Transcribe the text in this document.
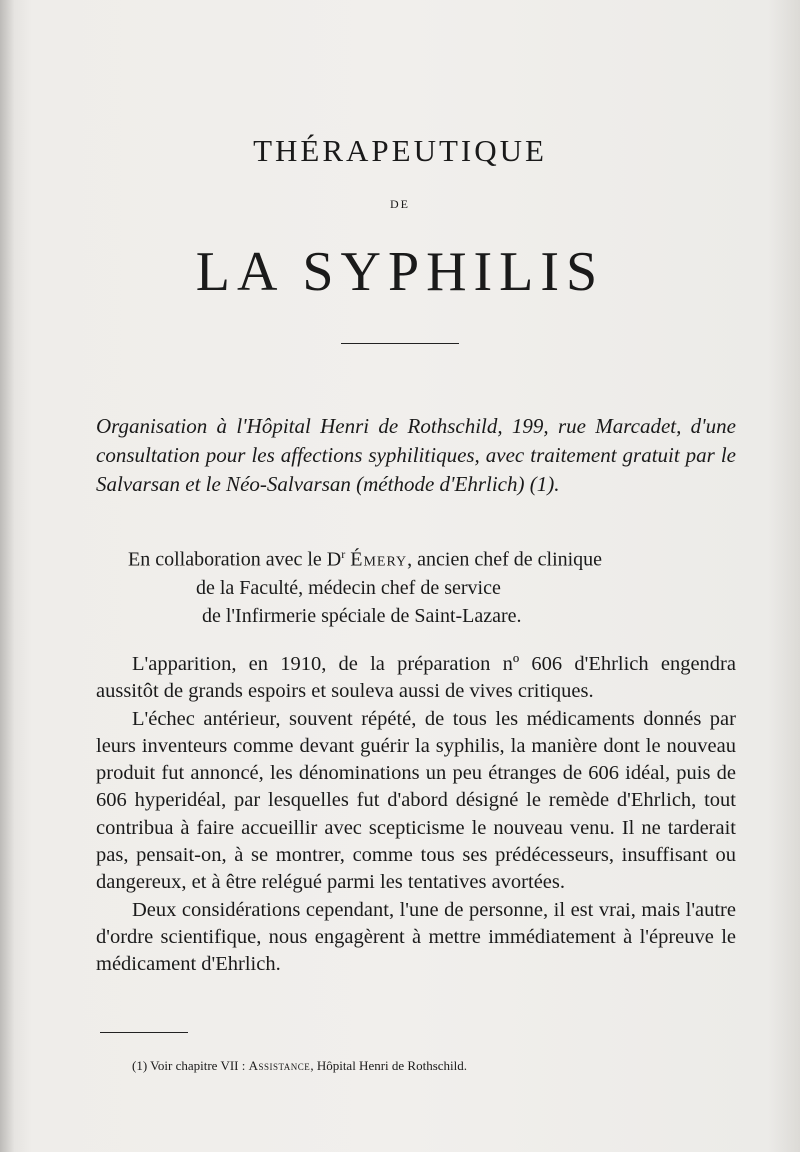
THÉRAPEUTIQUE
DE
LA SYPHILIS
Organisation à l'Hôpital Henri de Rothschild, 199, rue Marcadet, d'une consultation pour les affections syphilitiques, avec traitement gratuit par le Salvarsan et le Néo-Salvarsan (méthode d'Ehrlich) (1).
En collaboration avec le $D^r$ Émery, ancien chef de clinique
de la Faculté, médecin chef de service
de l'Infirmerie spéciale de Saint-Lazare.

L'apparition, en 1910, de la préparation nº 606 d'Ehrlich engendra aussitôt de grands espoirs et souleva aussi de vives critiques.

L'échec antérieur, souvent répété, de tous les médicaments donnés par leurs inventeurs comme devant guérir la syphilis, la manière dont le nouveau produit fut annoncé, les dénominations un peu étranges de 606 idéal, puis de 606 hyperidéal, par lesquelles fut d'abord désigné le remède d'Ehrlich, tout contribua à faire accueillir avec scepticisme le nouveau venu. Il ne tarderait pas, pensait-on, à se montrer, comme tous ses prédécesseurs, insuffisant ou dangereux, et à être relégué parmi les tentatives avortées.

Deux considérations cependant, l'une de personne, il est vrai, mais l'autre d'ordre scientifique, nous engagèrent à mettre immédiatement à l'épreuve le médicament d'Ehrlich.

(1) Voir chapitre VII : Assistance, Hôpital Henri de Rothschild.
